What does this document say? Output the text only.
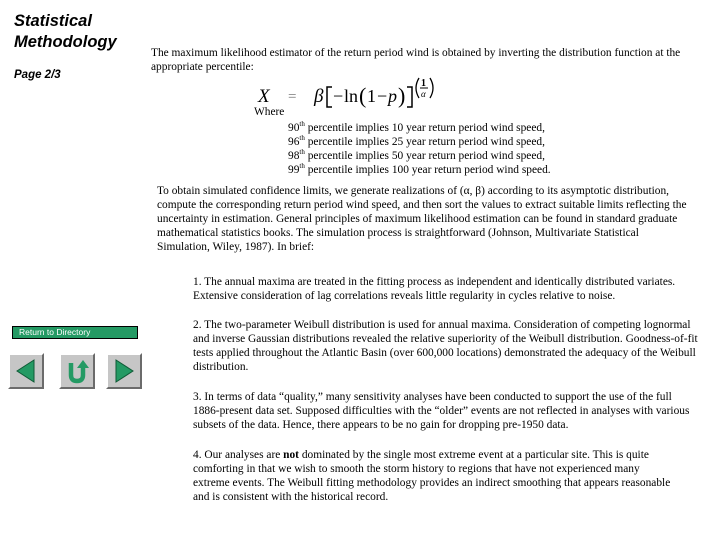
Statistical
Methodology
Page 2/3

The maximum likelihood estimator of the return period wind is obtained by inverting the distribution function at the appropriate percentile:

X = β − ln ( 1 − p ) 1
α
Where
90th percentile implies 10 year return period wind speed,
96th percentile implies 25 year return period wind speed,
98th percentile implies 50 year return period wind speed,
99th percentile implies 100 year return period wind speed.

To obtain simulated confidence limits, we generate realizations of (α, β) according to its asymptotic distribution, compute the corresponding return period wind speed, and then sort the values to extract suitable limits reflecting the uncertainty in estimation. General principles of maximum likelihood estimation can be found in standard graduate mathematical statistics books. The simulation process is straightforward (Johnson, Multivariate Statistical Simulation, Wiley, 1987). In brief:

1. The annual maxima are treated in the fitting process as independent and identically distributed variates. Extensive consideration of lag correlations reveals little regularity in cycles relative to noise.

2. The two-parameter Weibull distribution is used for annual maxima. Consideration of competing lognormal and inverse Gaussian distributions revealed the relative superiority of the Weibull distribution. Goodness-of-fit tests applied throughout the Atlantic Basin (over 600,000 locations) demonstrated the adequacy of the Weibull distribution.

3. In terms of data “quality,” many sensitivity analyses have been conducted to support the use of the full 1886-present data set. Supposed difficulties with the “older” events are not reflected in analyses with various subsets of the data. Hence, there appears to be no gain for dropping pre-1950 data.

4. Our analyses are not dominated by the single most extreme event at a particular site. This is quite comforting in that we wish to smooth the storm history to regions that have not experienced many extreme events. The Weibull fitting methodology provides an indirect smoothing that appears reasonable and is consistent with the historical record.

Return to Directory
